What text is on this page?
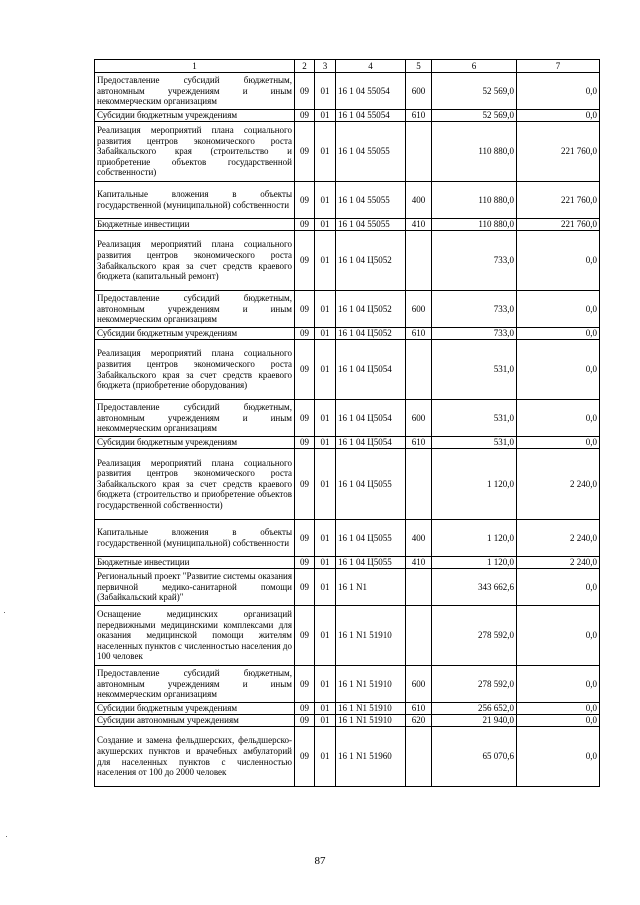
1	2	3	4	5	6	7
Предоставление субсидий бюджетным, автономным учреждениям и иным некоммерческим организациям	09	01	16 1 04 55054	600	52 569,0	0,0
Субсидии бюджетным учреждениям	09	01	16 1 04 55054	610	52 569,0	0,0
Реализация мероприятий плана социального развития центров экономического роста Забайкальского края (строительство и приобретение объектов государственной собственности)	09	01	16 1 04 55055		110 880,0	221 760,0
Капитальные вложения в объекты государственной (муниципальной) собственности	09	01	16 1 04 55055	400	110 880,0	221 760,0
Бюджетные инвестиции	09	01	16 1 04 55055	410	110 880,0	221 760,0
Реализация мероприятий плана социального развития центров экономического роста Забайкальского края за счет средств краевого бюджета (капитальный ремонт)	09	01	16 1 04 Ц5052		733,0	0,0
Предоставление субсидий бюджетным, автономным учреждениям и иным некоммерческим организациям	09	01	16 1 04 Ц5052	600	733,0	0,0
Субсидии бюджетным учреждениям	09	01	16 1 04 Ц5052	610	733,0	0,0
Реализация мероприятий плана социального развития центров экономического роста Забайкальского края за счет средств краевого бюджета (приобретение оборудования)	09	01	16 1 04 Ц5054		531,0	0,0
Предоставление субсидий бюджетным, автономным учреждениям и иным некоммерческим организациям	09	01	16 1 04 Ц5054	600	531,0	0,0
Субсидии бюджетным учреждениям	09	01	16 1 04 Ц5054	610	531,0	0,0
Реализация мероприятий плана социального развития центров экономического роста Забайкальского края за счет средств краевого бюджета (строительство и приобретение объектов государственной собственности)	09	01	16 1 04 Ц5055		1 120,0	2 240,0
Капитальные вложения в объекты государственной (муниципальной) собственности	09	01	16 1 04 Ц5055	400	1 120,0	2 240,0
Бюджетные инвестиции	09	01	16 1 04 Ц5055	410	1 120,0	2 240,0
Региональный проект "Развитие системы оказания первичной медико-санитарной помощи (Забайкальский край)"	09	01	16 1 N1		343 662,6	0,0
Оснащение медицинских организаций передвижными медицинскими комплексами для оказания медицинской помощи жителям населенных пунктов с численностью населения до 100 человек	09	01	16 1 N1 51910		278 592,0	0,0
Предоставление субсидий бюджетным, автономным учреждениям и иным некоммерческим организациям	09	01	16 1 N1 51910	600	278 592,0	0,0
Субсидии бюджетным учреждениям	09	01	16 1 N1 51910	610	256 652,0	0,0
Субсидии автономным учреждениям	09	01	16 1 N1 51910	620	21 940,0	0,0
Создание и замена фельдшерских, фельдшерско-акушерских пунктов и врачебных амбулаторий для населенных пунктов с численностью населения от 100 до 2000 человек	09	01	16 1 N1 51960		65 070,6	0,0
87
